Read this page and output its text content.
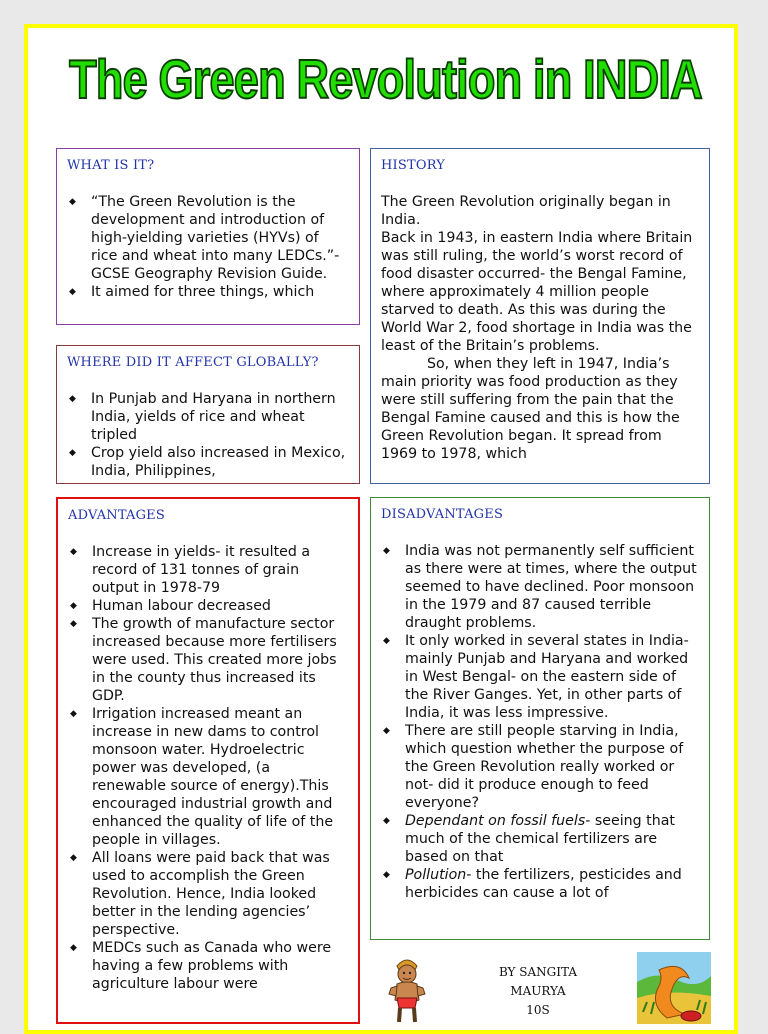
The Green Revolution in INDIA
WHAT IS IT?
◆ “The Green Revolution is the development and introduction of high-yielding varieties (HYVs) of rice and wheat into many LEDCs.”- GCSE Geography Revision Guide.
◆ It aimed for three things, which
HISTORY

The Green Revolution originally began in India.

Back in 1943, in eastern India where Britain was still ruling, the world’s worst record of food disaster occurred- the Bengal Famine, where approximately 4 million people starved to death. As this was during the World War 2, food shortage in India was the least of the Britain’s problems.

So, when they left in 1947, India’s main priority was food production as they were still suffering from the pain that the Bengal Famine caused and this is how the Green Revolution began. It spread from 1969 to 1978, which

WHERE DID IT AFFECT GLOBALLY?
◆ In Punjab and Haryana in northern India, yields of rice and wheat tripled
◆ Crop yield also increased in Mexico, India, Philippines,
ADVANTAGES
◆ Increase in yields- it resulted a record of 131 tonnes of grain output in 1978-79
◆ Human labour decreased
◆ The growth of manufacture sector increased because more fertilisers were used. This created more jobs in the county thus increased its GDP.
◆ Irrigation increased meant an increase in new dams to control monsoon water. Hydroelectric power was developed, (a renewable source of energy).This encouraged industrial growth and enhanced the quality of life of the people in villages.
◆ All loans were paid back that was used to accomplish the Green Revolution. Hence, India looked better in the lending agencies’ perspective.
◆ MEDCs such as Canada who were having a few problems with agriculture labour were
DISADVANTAGES
◆ India was not permanently self sufficient as there were at times, where the output seemed to have declined. Poor monsoon in the 1979 and 87 caused terrible draught problems.
◆ It only worked in several states in India-mainly Punjab and Haryana and worked in West Bengal- on the eastern side of the River Ganges. Yet, in other parts of India, it was less impressive.
◆ There are still people starving in India, which question whether the purpose of the Green Revolution really worked or not- did it produce enough to feed everyone?
◆ Dependant on fossil fuels- seeing that much of the chemical fertilizers are based on that
◆ Pollution- the fertilizers, pesticides and herbicides can cause a lot of
BY SANGITA
MAURYA
10S
